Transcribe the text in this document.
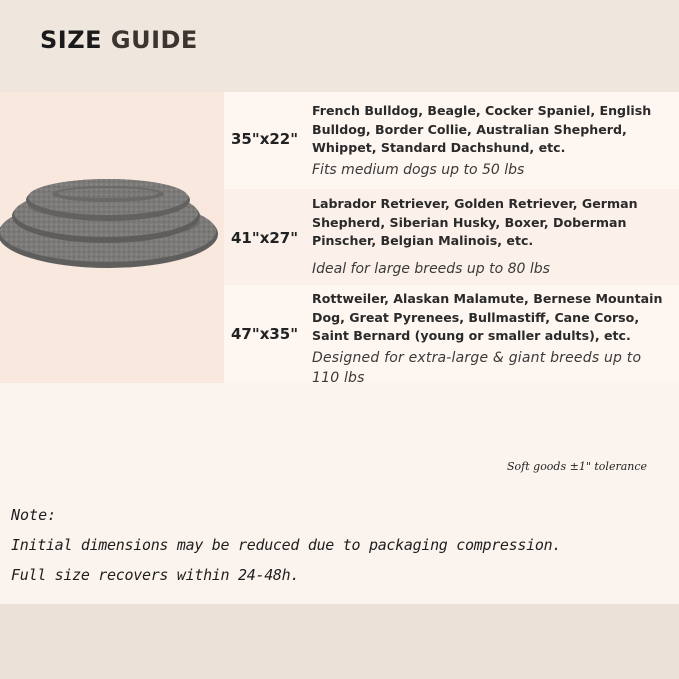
SIZE GUIDE
35"x22"

French Bulldog, Beagle, Cocker Spaniel, English Bulldog, Border Collie, Australian Shepherd, Whippet, Standard Dachshund, etc.

Fits medium dogs up to 50 lbs

41"x27"

Labrador Retriever, Golden Retriever, German Shepherd, Siberian Husky, Boxer, Doberman Pinscher, Belgian Malinois, etc.

Ideal for large breeds up to 80 lbs

47"x35"

Rottweiler, Alaskan Malamute, Bernese Mountain Dog, Great Pyrenees, Bullmastiff, Cane Corso, Saint Bernard (young or smaller adults), etc.

Designed for extra-large & giant breeds up to 110 lbs

Soft goods ±1" tolerance
Note:
Initial dimensions may be reduced due to packaging compression.
Full size recovers within 24-48h.
